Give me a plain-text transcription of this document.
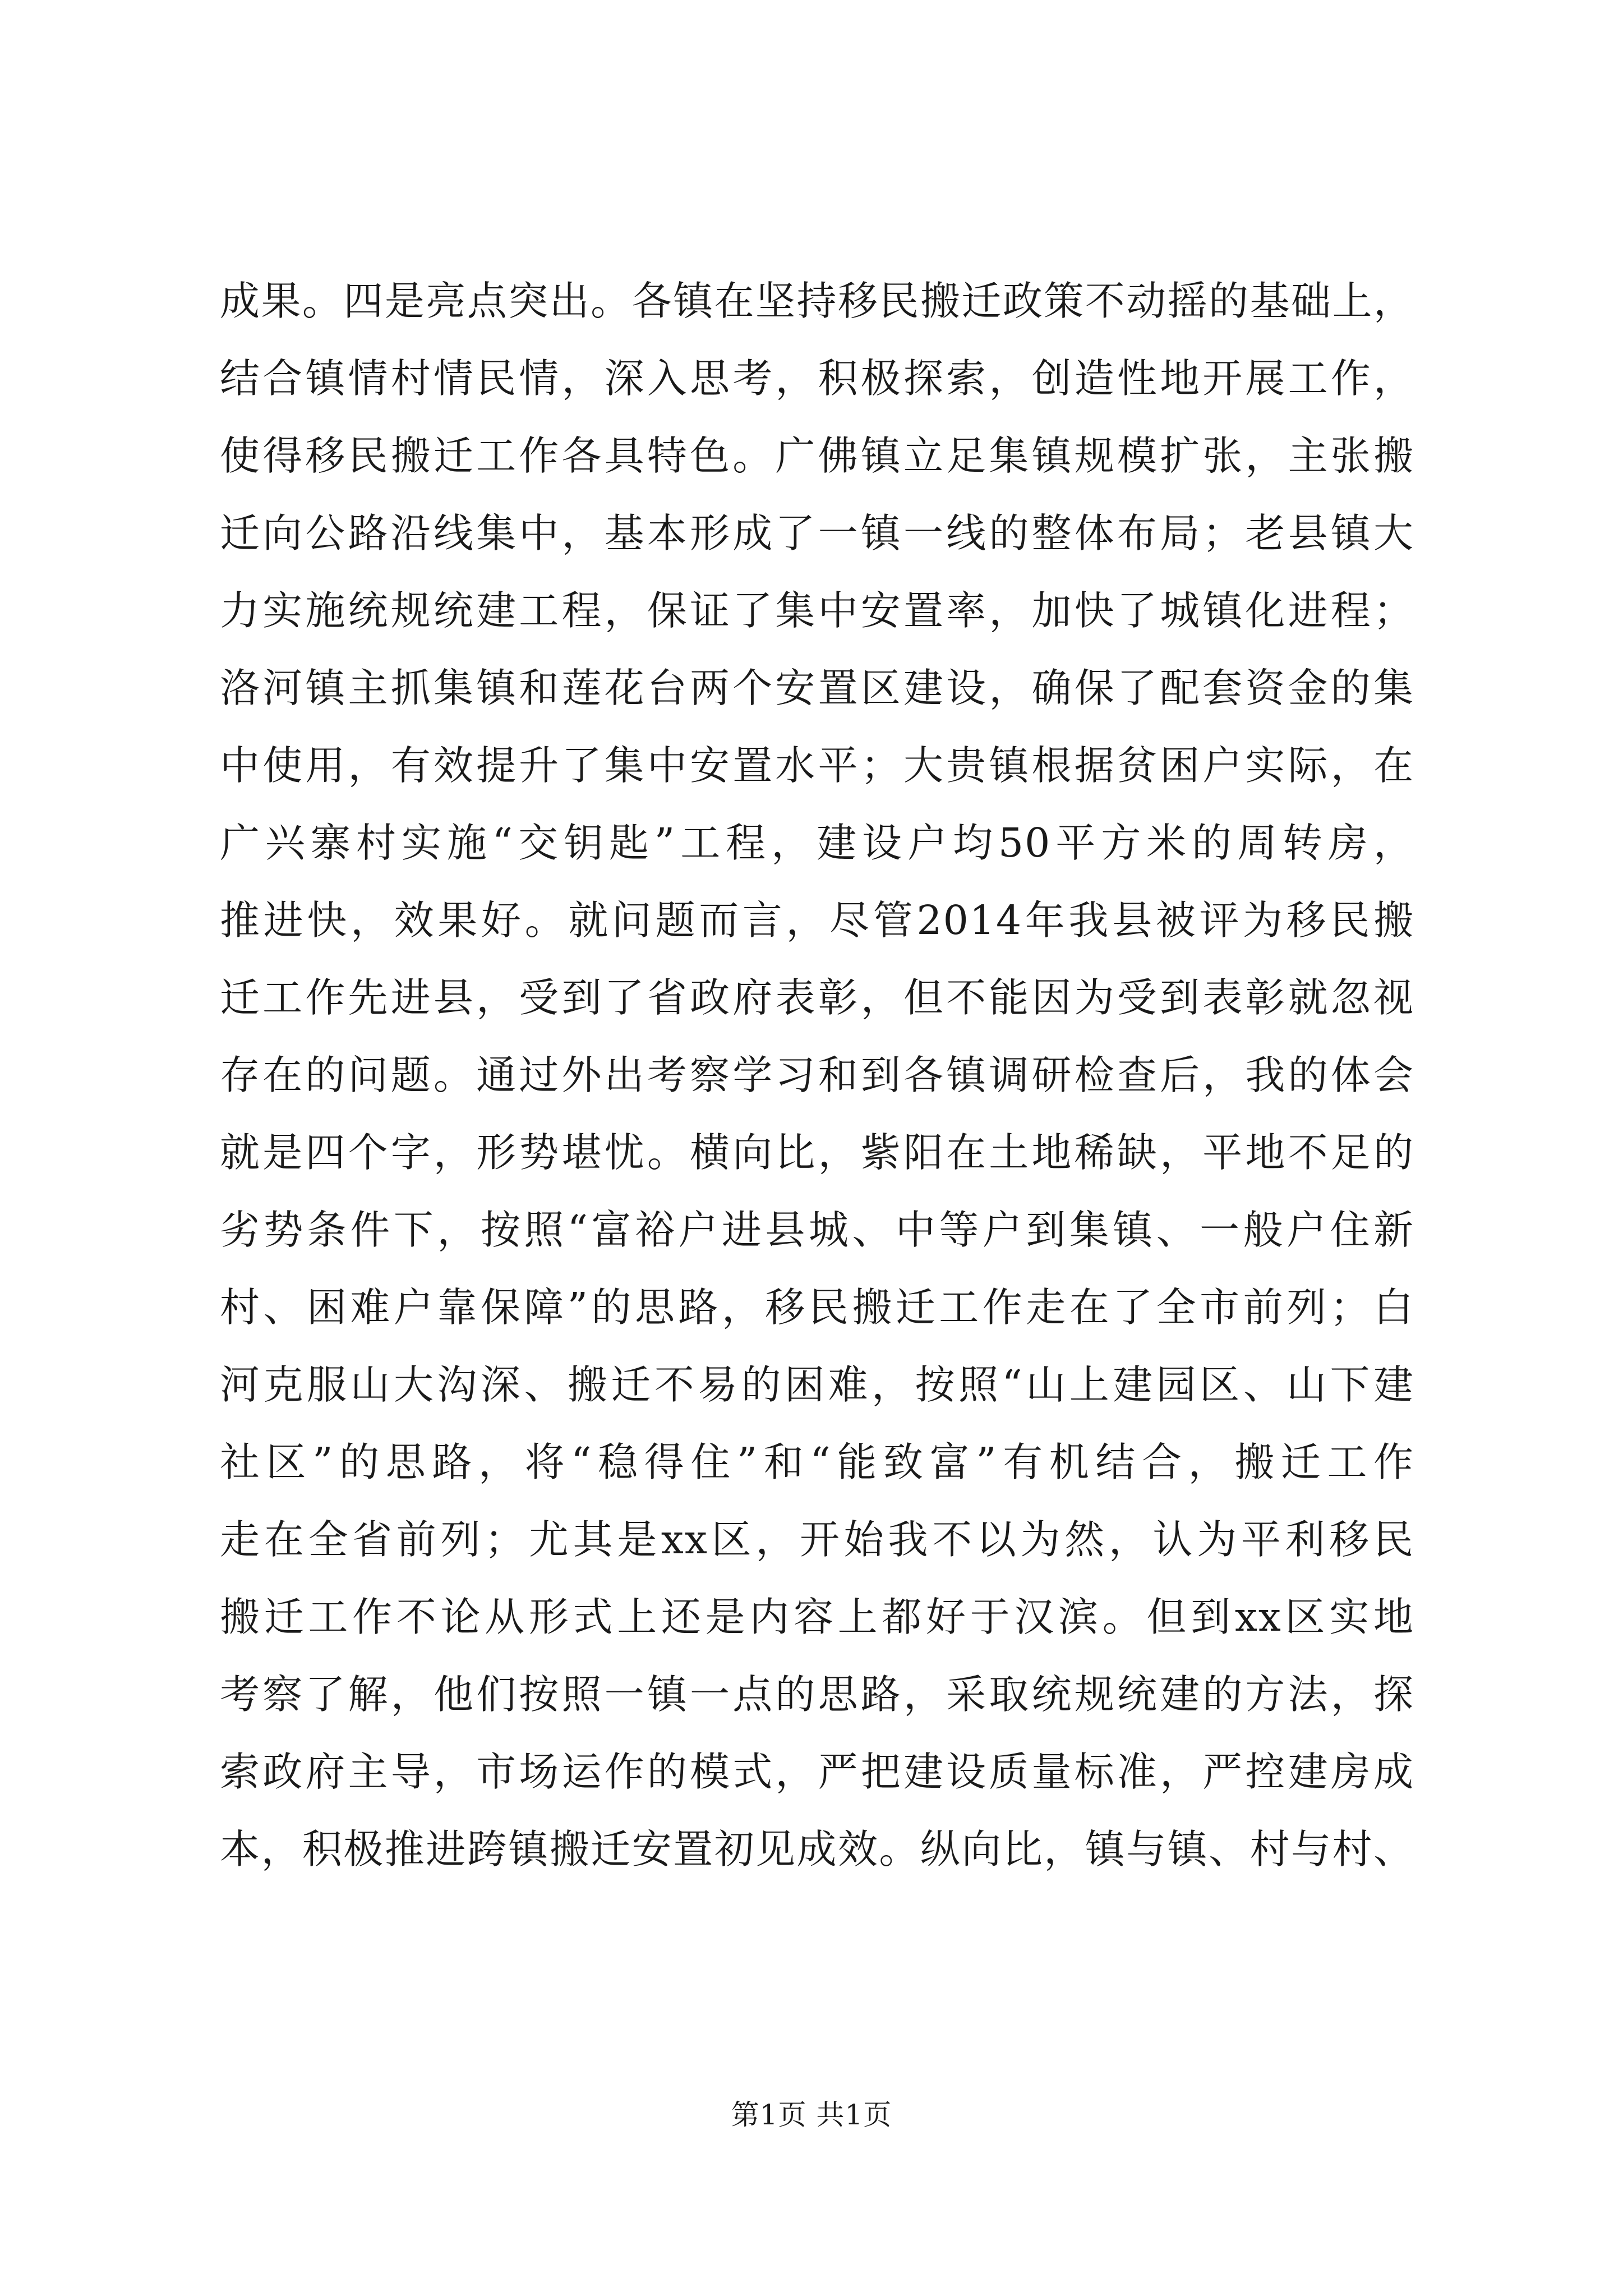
成果。四是亮点突出。各镇在坚持移民搬迁政策不动摇的基础上，
结合镇情村情民情，深入思考，积极探索，创造性地开展工作，
使得移民搬迁工作各具特色。广佛镇立足集镇规模扩张，主张搬
迁向公路沿线集中，基本形成了一镇一线的整体布局；老县镇大
力实施统规统建工程，保证了集中安置率，加快了城镇化进程；
洛河镇主抓集镇和莲花台两个安置区建设，确保了配套资金的集
中使用，有效提升了集中安置水平；大贵镇根据贫困户实际，在
广兴寨村实施“交钥匙”工程，建设户均50平方米的周转房，
推进快，效果好。就问题而言，尽管2014年我县被评为移民搬
迁工作先进县，受到了省政府表彰，但不能因为受到表彰就忽视
存在的问题。通过外出考察学习和到各镇调研检查后，我的体会
就是四个字，形势堪忧。横向比，紫阳在土地稀缺，平地不足的
劣势条件下，按照“富裕户进县城、中等户到集镇、一般户住新
村、困难户靠保障”的思路，移民搬迁工作走在了全市前列；白
河克服山大沟深、搬迁不易的困难，按照“山上建园区、山下建
社区”的思路，将“稳得住”和“能致富”有机结合，搬迁工作
走在全省前列；尤其是xx区，开始我不以为然，认为平利移民
搬迁工作不论从形式上还是内容上都好于汉滨。但到xx区实地
考察了解，他们按照一镇一点的思路，采取统规统建的方法，探
索政府主导，市场运作的模式，严把建设质量标准，严控建房成
本，积极推进跨镇搬迁安置初见成效。纵向比，镇与镇、村与村、
第1页 共1页
